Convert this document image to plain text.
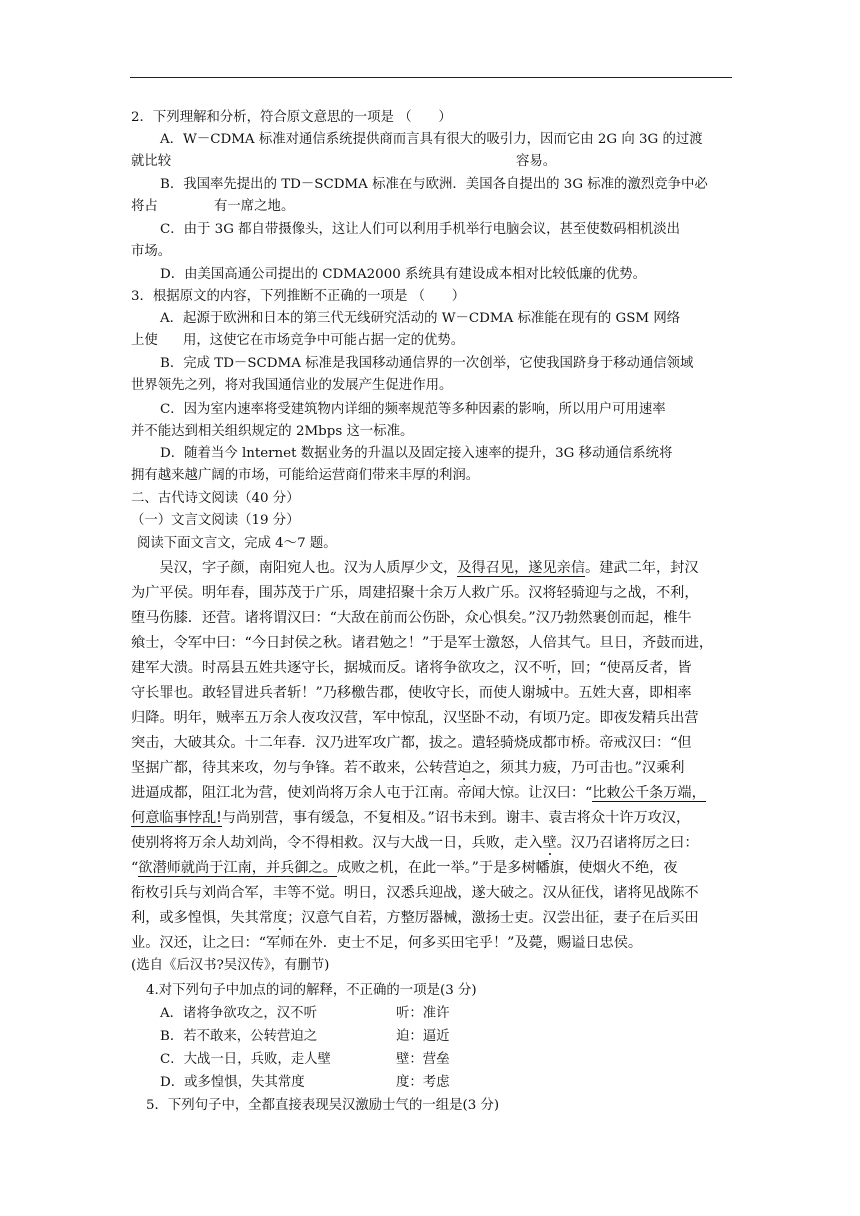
2．下列理解和分析，符合原文意思的一项是 （　　）
A．W－CDMA 标准对通信系统提供商而言具有很大的吸引力，因而它由 2G 向 3G 的过渡
就比较	容易。
B．我国率先提出的 TD－SCDMA 标准在与欧洲．美国各自提出的 3G 标准的激烈竞争中必
将占	有一席之地。
C．由于 3G 都自带摄像头，这让人们可以利用手机举行电脑会议，甚至使数码相机淡出
市场。
D．由美国高通公司提出的 CDMA2000 系统具有建设成本相对比较低廉的优势。
3．根据原文的内容，下列推断不正确的一项是 （　　）
A．起源于欧洲和日本的第三代无线研究活动的 W－CDMA 标准能在现有的 GSM 网络
上使 用，这使它在市场竞争中可能占据一定的优势。
B．完成 TD－SCDMA 标准是我国移动通信界的一次创举，它使我国跻身于移动通信领域
世界领先之列，将对我国通信业的发展产生促进作用。
C．因为室内速率将受建筑物内详细的频率规范等多种因素的影响，所以用户可用速率
并不能达到相关组织规定的 2Mbps 这一标准。
D．随着当今 lnternet 数据业务的升温以及固定接入速率的提升，3G 移动通信系统将
拥有越来越广阔的市场，可能给运营商们带来丰厚的利润。
二、古代诗文阅读（40 分）
（一）文言文阅读（19 分）
阅读下面文言文，完成 4～7 题。
　　吴汉，字子颜，南阳宛人也。汉为人质厚少文，及得召见，遂见亲信。建武二年，封汉
为广平侯。明年春，围苏茂于广乐，周建招聚十余万人救广乐。汉将轻骑迎与之战，不利，
堕马伤膝．还营。诸将谓汉曰：“大敌在前而公伤卧，众心惧矣。”汉乃勃然裹创而起，椎牛
飨士，令军中曰：“今日封侯之秋。诸君勉之！”于是军士激怒，人倍其气。旦日，齐鼓而进，
建军大溃。时鬲县五姓共逐守长，据城而反。诸将争欲攻之，汉不听，回；“使鬲反者，皆
守长罪也。敢轻冒进兵者斩！”乃移檄告郡，使收守长，而使人谢城中。五姓大喜，即相率
归降。明年，贼率五万余人夜攻汉营，军中惊乱，汉坚卧不动，有顷乃定。即夜发精兵出营
突击，大破其众。十二年春．汉乃进军攻广都，拔之。遣轻骑烧成都市桥。帝戒汉曰：“但
坚据广都，待其来攻，勿与争锋。若不敢来，公转营迫之，须其力疲，乃可击也。”汉乘利
进逼成都，阻江北为营，使刘尚将万余人屯于江南。帝闻大惊。让汉曰：“比敕公千条万端，
何意临事悖乱!与尚别营，事有缓急，不复相及。”诏书未到。谢丰、袁吉将众十许万攻汉，
使别将将万余人劫刘尚，令不得相救。汉与大战一日，兵败，走入壁。汉乃召诸将厉之曰：
“欲潜师就尚于江南，并兵御之。成败之机，在此一举。”于是多树幡旗，使烟火不绝，夜
衔枚引兵与刘尚合军，丰等不觉。明日，汉悉兵迎战，遂大破之。汉从征伐，诸将见战陈不
利，或多惶惧，失其常度；汉意气自若，方整厉器械，激扬士吏。汉尝出征，妻子在后买田
业。汉还，让之曰：“军师在外．吏士不足，何多买田宅乎！”及薨，赐谥日忠侯。
(选自《后汉书?吴汉传》，有删节)
4.对下列句子中加点的词的解释，不正确的一项是(3 分)
A．诸将争欲攻之，汉不听	听：准许
B．若不敢来，公转营迫之	迫：逼近
C．大战一日，兵败，走人壁	壁：营垒
D．或多惶惧，失其常度	度：考虑
5．下列句子中，全都直接表现吴汉激励士气的一组是(3 分)
